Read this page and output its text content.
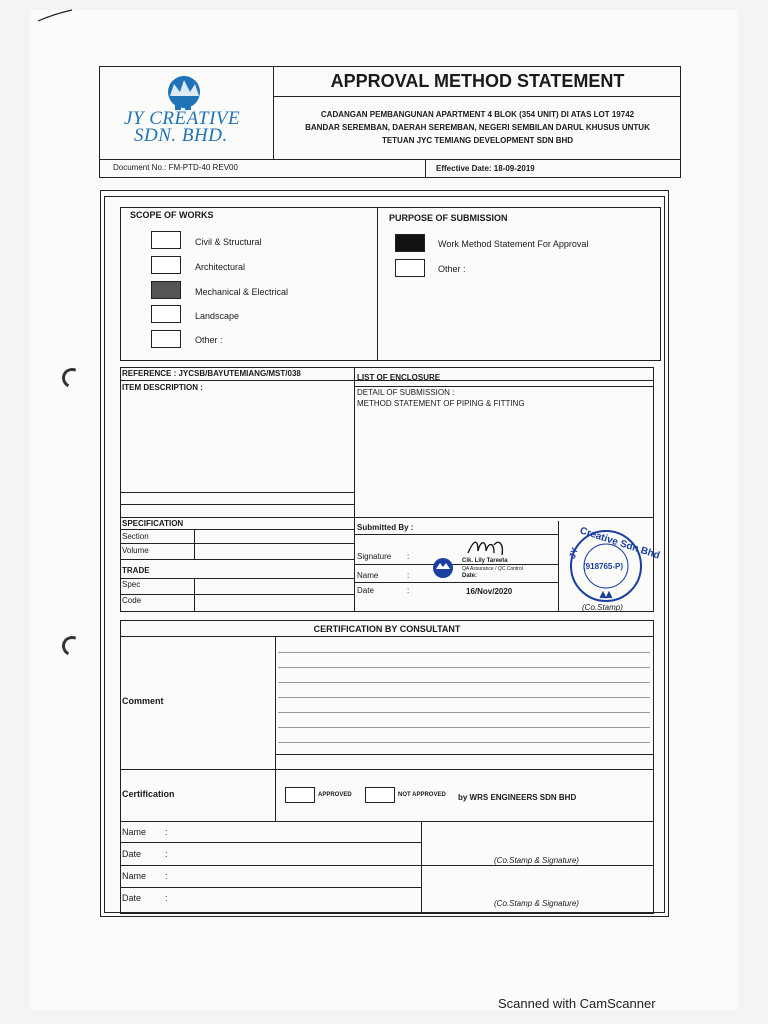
JY
JY CREATIVE
SDN. BHD.
APPROVAL METHOD STATEMENT
CADANGAN PEMBANGUNAN APARTMENT 4 BLOK (354 UNIT) DI ATAS LOT 19742
BANDAR SEREMBAN, DAERAH SEREMBAN, NEGERI SEMBILAN DARUL KHUSUS UNTUK
TETUAN JYC TEMIANG DEVELOPMENT SDN BHD
Document No.: FM-PTD-40 REV00	Effective Date: 18-09-2019
SCOPE OF WORKS
Civil & Structural
Architectural
Mechanical & Electrical
Landscape
Other :
PURPOSE OF SUBMISSION
Work Method Statement For Approval
Other :
REFERENCE : JYCSB/BAYUTEMIANG/MST/038	LIST OF ENCLOSURE
ITEM DESCRIPTION :
DETAIL OF SUBMISSION :
METHOD STATEMENT OF PIPING & FITTING
SPECIFICATION
Section
Volume
TRADE
Spec
Code
Submitted By :
Signature :
Name	:
Date	:	16/Nov/2020
Cik. Lily Tareeta
QA Assurance / QC Control
Date:
JY
Creative Sdn Bhd
(918765-P)
(Co.Stamp)
CERTIFICATION BY CONSULTANT
Comment
Certification	APPROVED	NOT APPROVED by WRS ENGINEERS SDN BHD
Name :
Date	:
Name :
Date	:
(Co.Stamp & Signature)
(Co.Stamp & Signature)
Scanned with CamScanner
